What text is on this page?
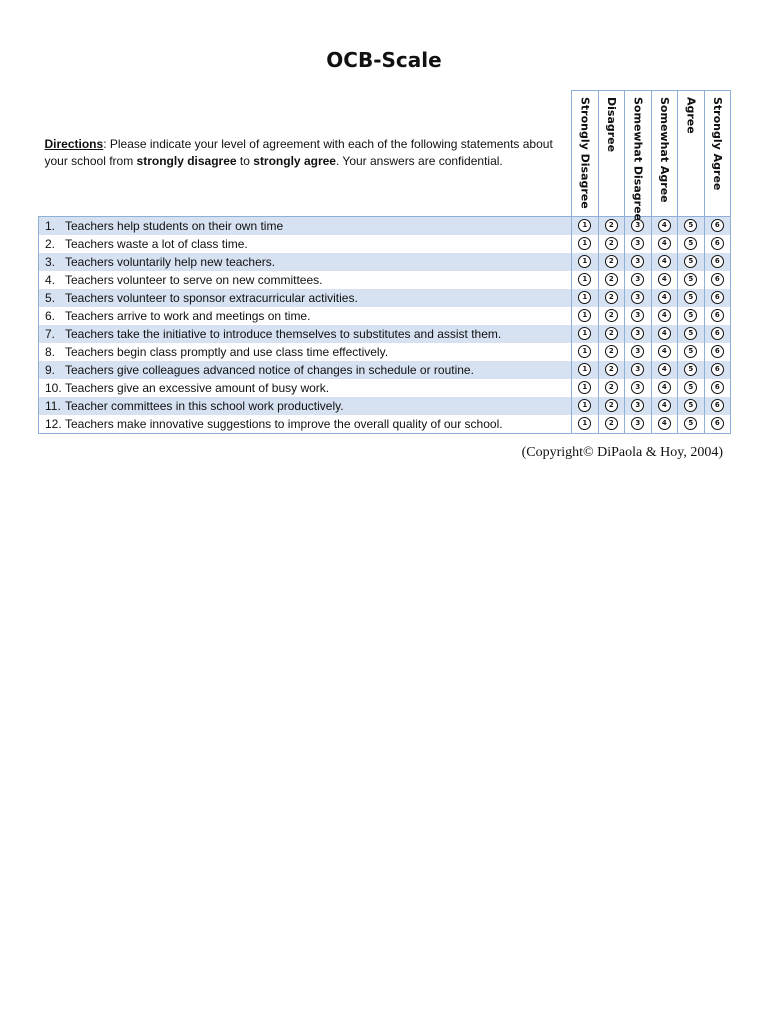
OCB-Scale
Directions: Please indicate your level of agreement with each of the following statements about your school from strongly disagree to strongly agree. Your answers are confidential.	Strongly Disagree	Disagree	Somewhat Disagree	Somewhat Agree	Agree	Strongly Agree

1. Teachers help students on their own time	1	2	3	4	5	6
2. Teachers waste a lot of class time.	1	2	3	4	5	6
3. Teachers voluntarily help new teachers.	1	2	3	4	5	6
4. Teachers volunteer to serve on new committees.	1	2	3	4	5	6
5. Teachers volunteer to sponsor extracurricular activities.	1	2	3	4	5	6
6. Teachers arrive to work and meetings on time.	1	2	3	4	5	6
7. Teachers take the initiative to introduce themselves to substitutes and assist them.	1	2	3	4	5	6
8. Teachers begin class promptly and use class time effectively.	1	2	3	4	5	6
9. Teachers give colleagues advanced notice of changes in schedule or routine.	1	2	3	4	5	6
10. Teachers give an excessive amount of busy work.	1	2	3	4	5	6
11. Teacher committees in this school work productively.	1	2	3	4	5	6
12. Teachers make innovative suggestions to improve the overall quality of our school.	1	2	3	4	5	6
(Copyright© DiPaola & Hoy, 2004)
